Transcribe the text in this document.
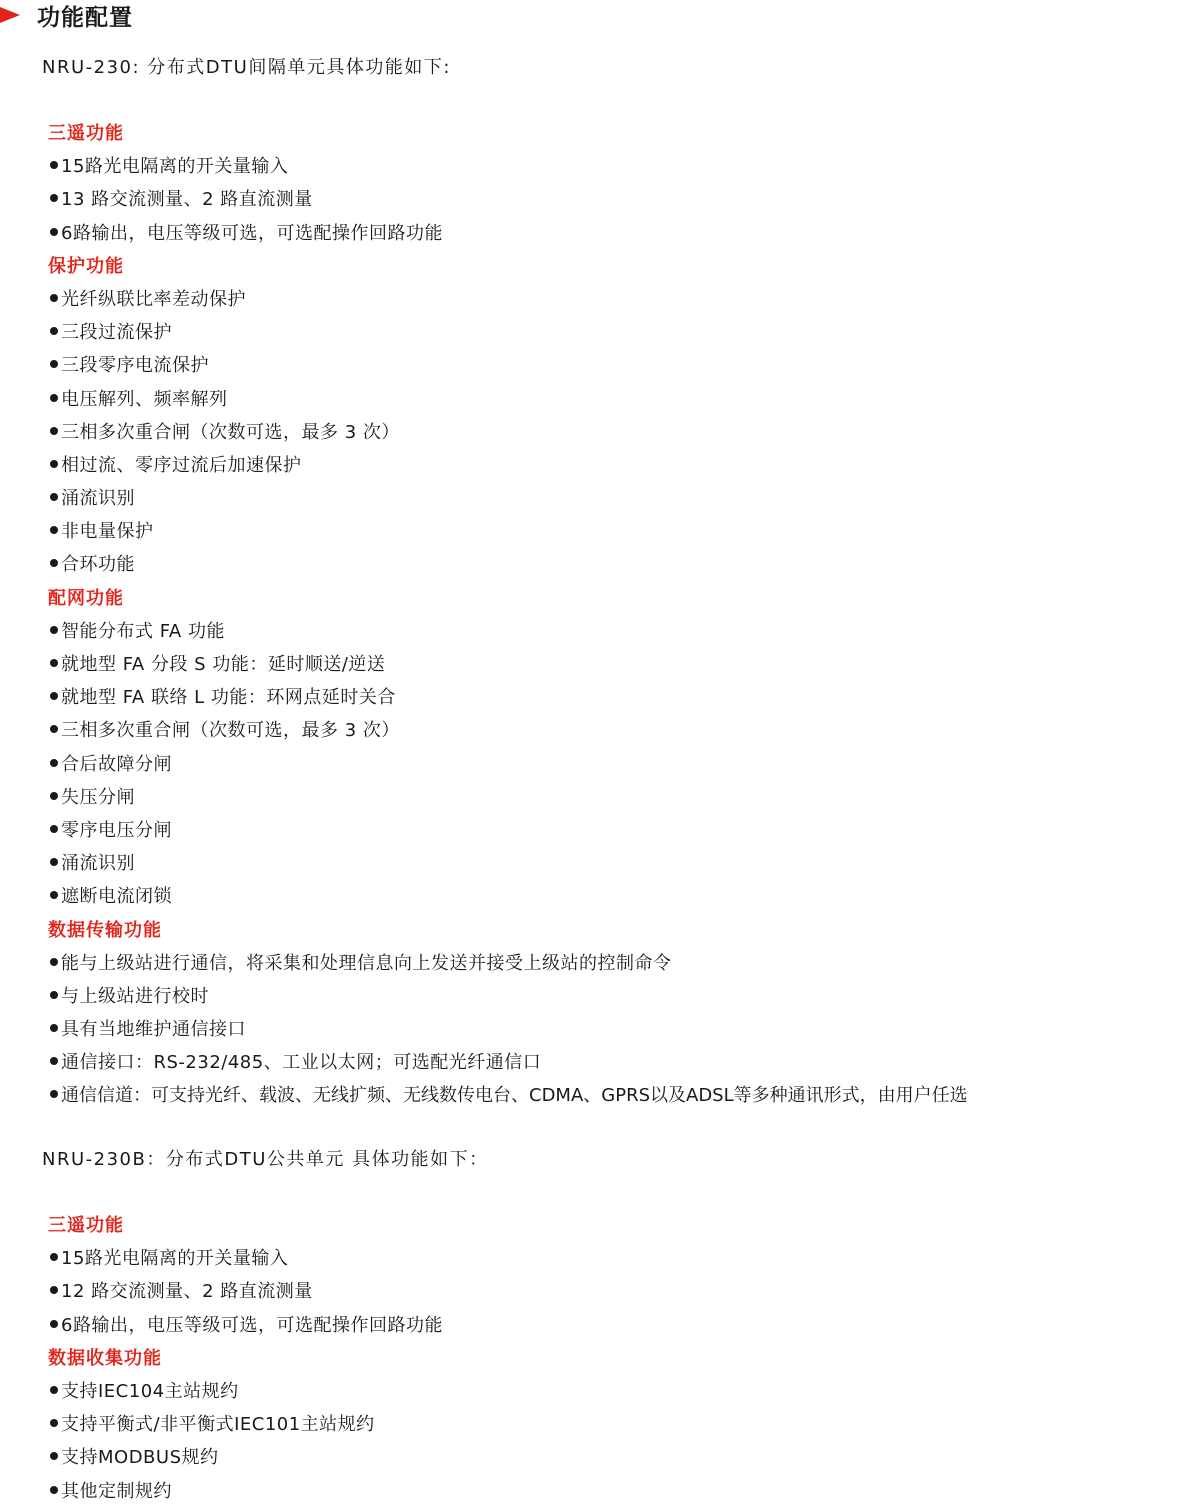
功能配置
NRU-230: 分布式DTU间隔单元具体功能如下:
三遥功能
15路光电隔离的开关量输入
13 路交流测量、2 路直流测量
6路输出，电压等级可选，可选配操作回路功能
保护功能
光纤纵联比率差动保护
三段过流保护
三段零序电流保护
电压解列、频率解列
三相多次重合闸（次数可选，最多 3 次）
相过流、零序过流后加速保护
涌流识别
非电量保护
合环功能
配网功能
智能分布式 FA 功能
就地型 FA 分段 S 功能：延时顺送/逆送
就地型 FA 联络 L 功能：环网点延时关合
三相多次重合闸（次数可选，最多 3 次）
合后故障分闸
失压分闸
零序电压分闸
涌流识别
遮断电流闭锁
数据传输功能
能与上级站进行通信，将采集和处理信息向上发送并接受上级站的控制命令
与上级站进行校时
具有当地维护通信接口
通信接口：RS-232/485、工业以太网；可选配光纤通信口
通信信道：可支持光纤、载波、无线扩频、无线数传电台、CDMA、GPRS以及ADSL等多种通讯形式，由用户任选
NRU-230B：分布式DTU公共单元 具体功能如下：
三遥功能
15路光电隔离的开关量输入
12 路交流测量、2 路直流测量
6路输出，电压等级可选，可选配操作回路功能
数据收集功能
支持IEC104主站规约
支持平衡式/非平衡式IEC101主站规约
支持MODBUS规约
其他定制规约
